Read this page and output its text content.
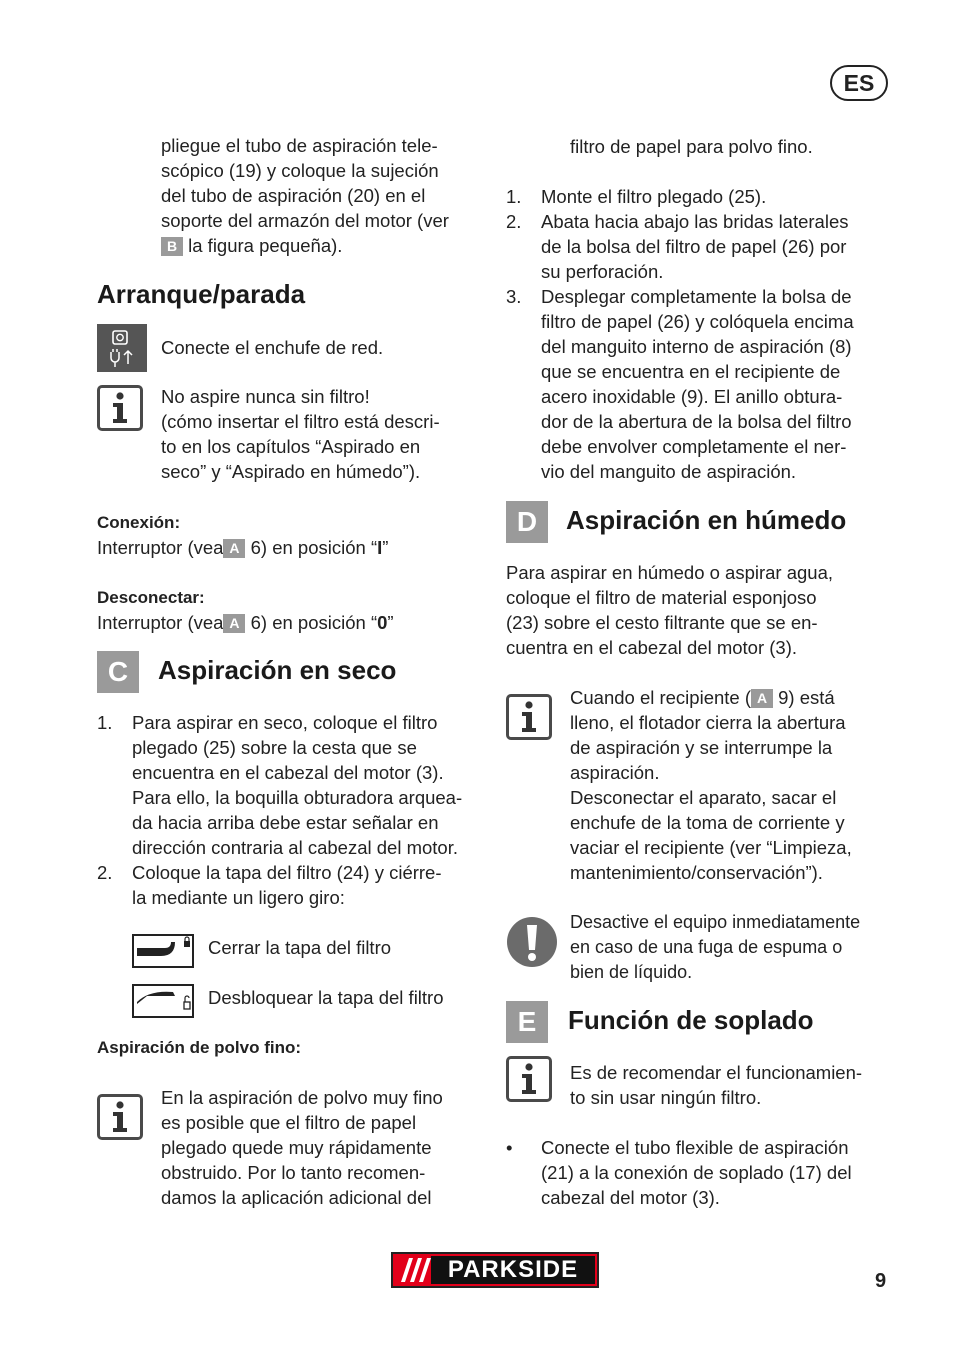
ES
pliegue el tubo de aspiración tele-
scópico (19) y coloque la sujeción
del tubo de aspiración (20) en el
soporte del armazón del motor (ver
B la figura pequeña).
Arranque/parada
Conecte el enchufe de red.
No aspire nunca sin filtro!
(cómo insertar el filtro está descri-
to en los capítulos “Aspirado en
seco” y “Aspirado en húmedo”).
Conexión:
Interruptor (vea A 6) en posición “I”
Desconectar:
Interruptor (vea A 6) en posición “0”
C	Aspiración en seco
1. Para aspirar en seco, coloque el filtro
plegado (25) sobre la cesta que se
encuentra en el cabezal del motor (3).
Para ello, la boquilla obturadora arquea-
da hacia arriba debe estar señalar en
dirección contraria al cabezal del motor.
2. Coloque la tapa del filtro (24) y ciérre-
la mediante un ligero giro:
Cerrar la tapa del filtro
Desbloquear la tapa del filtro
Aspiración de polvo fino:
En la aspiración de polvo muy fino
es posible que el filtro de papel
plegado quede muy rápidamente
obstruido. Por lo tanto recomen-
damos la aplicación adicional del
filtro de papel para polvo fino.
1. Monte el filtro plegado (25).
2. Abata hacia abajo las bridas laterales
de la bolsa del filtro de papel (26) por
su perforación.
3. Desplegar completamente la bolsa de
filtro de papel (26) y colóquela encima
del manguito interno de aspiración (8)
que se encuentra en el recipiente de
acero inoxidable (9). El anillo obtura-
dor de la abertura de la bolsa del filtro
debe envolver completamente el ner-
vio del manguito de aspiración.
D	Aspiración en húmedo
Para aspirar en húmedo o aspirar agua,
coloque el filtro de material esponjoso
(23) sobre el cesto filtrante que se en-
cuentra en el cabezal del motor (3).
Cuando el recipiente ( A 9) está
lleno, el flotador cierra la abertura
de aspiración y se interrumpe la
aspiración.
Desconectar el aparato, sacar el
enchufe de la toma de corriente y
vaciar el recipiente (ver “Limpieza,
mantenimiento/conservación”).
Desactive el equipo inmediatamente
en caso de una fuga de espuma o
bien de líquido.
E	Función de soplado
Es de recomendar el funcionamien-
to sin usar ningún filtro.
• Conecte el tubo flexible de aspiración
(21) a la conexión de soplado (17) del
cabezal del motor (3).
PARKSIDE	9
